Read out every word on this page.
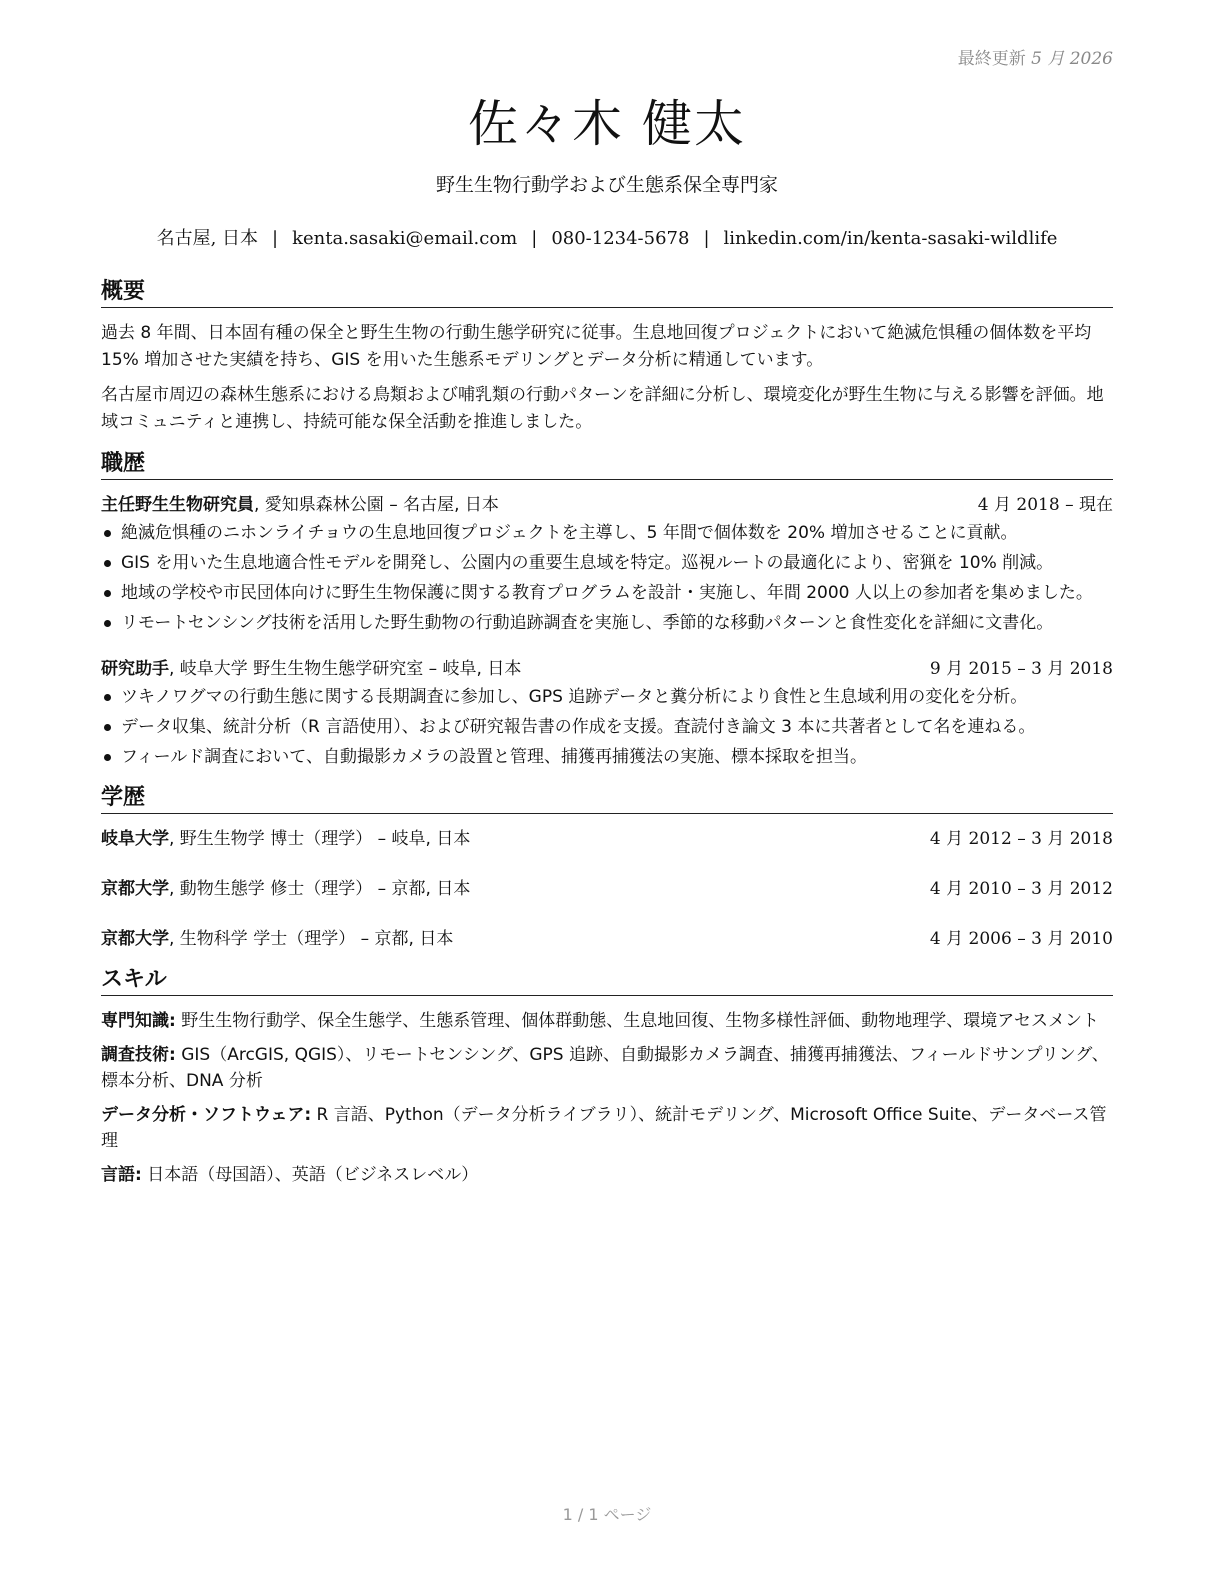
最終更新 5 月 2026
佐々木 健太
野生生物行動学および生態系保全専門家
名古屋, 日本 | kenta.sasaki@email.com | 080-1234-5678 | linkedin.com/in/kenta-sasaki-wildlife
概要

過去 8 年間、日本固有種の保全と野生生物の行動生態学研究に従事。生息地回復プロジェクトにおいて絶滅危惧種の個体数を平均 15% 増加させた実績を持ち、GIS を用いた生態系モデリングとデータ分析に精通しています。

名古屋市周辺の森林生態系における鳥類および哺乳類の行動パターンを詳細に分析し、環境変化が野生生物に与える影響を評価。地域コミュニティと連携し、持続可能な保全活動を推進しました。

職歴
主任野生生物研究員, 愛知県森林公園 – 名古屋, 日本	4 月 2018 – 現在
絶滅危惧種のニホンライチョウの生息地回復プロジェクトを主導し、5 年間で個体数を 20% 増加させることに貢献。
GIS を用いた生息地適合性モデルを開発し、公園内の重要生息域を特定。巡視ルートの最適化により、密猟を 10% 削減。
地域の学校や市民団体向けに野生生物保護に関する教育プログラムを設計・実施し、年間 2000 人以上の参加者を集めました。
リモートセンシング技術を活用した野生動物の行動追跡調査を実施し、季節的な移動パターンと食性変化を詳細に文書化。
研究助手, 岐阜大学 野生生物生態学研究室 – 岐阜, 日本	9 月 2015 – 3 月 2018
ツキノワグマの行動生態に関する長期調査に参加し、GPS 追跡データと糞分析により食性と生息域利用の変化を分析。
データ収集、統計分析（R 言語使用）、および研究報告書の作成を支援。査読付き論文 3 本に共著者として名を連ねる。
フィールド調査において、自動撮影カメラの設置と管理、捕獲再捕獲法の実施、標本採取を担当。
学歴
岐阜大学, 野生生物学 博士（理学） – 岐阜, 日本	4 月 2012 – 3 月 2018
京都大学, 動物生態学 修士（理学） – 京都, 日本	4 月 2010 – 3 月 2012
京都大学, 生物科学 学士（理学） – 京都, 日本	4 月 2006 – 3 月 2010
スキル
専門知識: 野生生物行動学、保全生態学、生態系管理、個体群動態、生息地回復、生物多様性評価、動物地理学、環境アセスメント
調査技術: GIS（ArcGIS, QGIS）、リモートセンシング、GPS 追跡、自動撮影カメラ調査、捕獲再捕獲法、フィールドサンプリング、標本分析、DNA 分析
データ分析・ソフトウェア: R 言語、Python（データ分析ライブラリ）、統計モデリング、Microsoft Office Suite、データベース管理
言語: 日本語（母国語）、英語（ビジネスレベル）
1 / 1 ページ
